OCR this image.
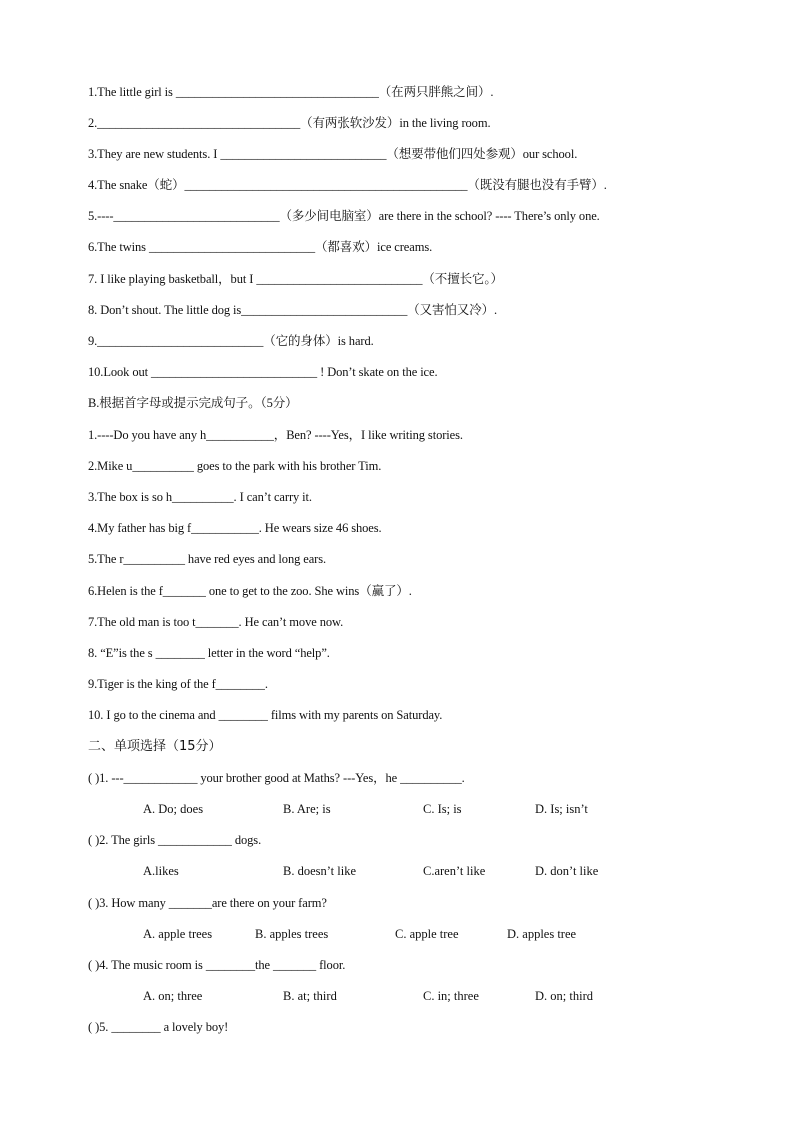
1.The little girl is _________________________________（在两只胖熊之间）.
2._________________________________（有两张软沙发）in the living room.
3.They are new students. I ___________________________（想要带他们四处参观）our school.
4.The snake（蛇）______________________________________________（既没有腿也没有手臂）.
5.----___________________________（多少间电脑室）are there in the school? ---- There’s only one.
6.The twins ___________________________（都喜欢）ice creams.
7. I like playing basketball，but I ___________________________（不擅长它。）
8. Don’t shout. The little dog is___________________________（又害怕又冷）.
9.___________________________（它的身体）is hard.
10.Look out ___________________________ ! Don’t skate on the ice.
B.根据首字母或提示完成句子。（5分）
1.----Do you have any h___________，Ben? ----Yes，I like writing stories.
2.Mike u__________ goes to the park with his brother Tim.
3.The box is so h__________. I can’t carry it.
4.My father has big f___________. He wears size 46 shoes.
5.The r__________ have red eyes and long ears.
6.Helen is the f_______ one to get to the zoo. She wins（赢了）.
7.The old man is too t_______. He can’t move now.
8. “E”is the s ________ letter in the word “help”.
9.Tiger is the king of the f________.
10. I go to the cinema and ________ films with my parents on Saturday.
二、单项选择（15分）
( )1. ---____________ your brother good at Maths? ---Yes，he __________.
A. Do; does	B. Are; is	C. Is; is	D. Is; isn’t
( )2. The girls ____________ dogs.
A.likes	B. doesn’t like	C.aren’t like	D. don’t like
( )3. How many _______are there on your farm?
A. apple trees	B. apples trees	C. apple tree	D. apples tree
( )4. The music room is ________the _______ floor.
A. on; three	B. at; third	C. in; three	D. on; third
( )5. ________ a lovely boy!
